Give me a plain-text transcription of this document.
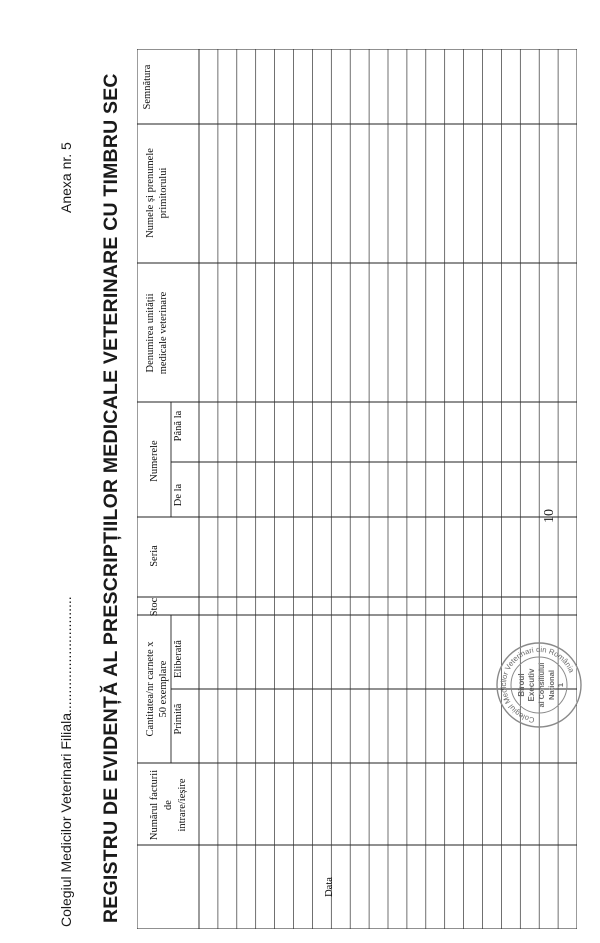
Colegiul Medicilor Veterinari Filiala..............................
Anexa nr. 5 REGISTRU DE EVIDENȚĂ AL PRESCRIPȚIILOR MEDICALE VETERINARE CU TIMBRU SEC	Data
Numărul facturii de intrare/ieșire
Cantitatea/nr carnete x 50 exemplare
Primită
Eliberată
Stoc
Seria
Numerele
De la
Până la
Denumirea unității medicale veterinare
Numele și prenumele primitorului
Semnătura
10
Colegiul Medicilor Veterinari din România
Biroul Executiv al Consiliului Național 1
